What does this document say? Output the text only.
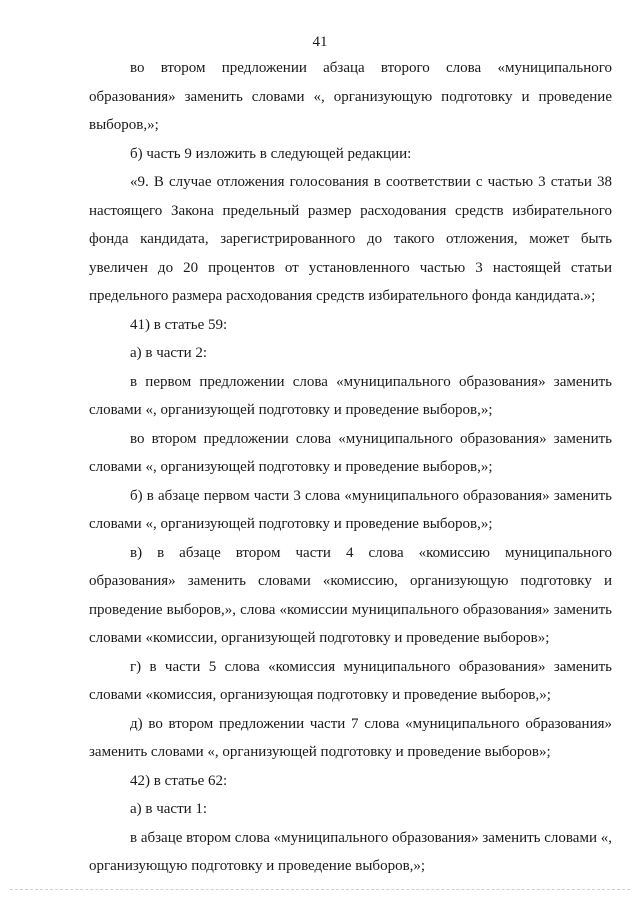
41

во втором предложении абзаца второго слова «муниципального образования» заменить словами «, организующую подготовку и проведение выборов,»;

б) часть 9 изложить в следующей редакции:

«9. В случае отложения голосования в соответствии с частью 3 статьи 38 настоящего Закона предельный размер расходования средств избирательного фонда кандидата, зарегистрированного до такого отложения, может быть увеличен до 20 процентов от установленного частью 3 настоящей статьи предельного размера расходования средств избирательного фонда кандидата.»;

41) в статье 59:

а) в части 2:

в первом предложении слова «муниципального образования» заменить словами «, организующей подготовку и проведение выборов,»;

во втором предложении слова «муниципального образования» заменить словами «, организующей подготовку и проведение выборов,»;

б) в абзаце первом части 3 слова «муниципального образования» заменить словами «, организующей подготовку и проведение выборов,»;

в) в абзаце втором части 4 слова «комиссию муниципального образования» заменить словами «комиссию, организующую подготовку и проведение выборов,», слова «комиссии муниципального образования» заменить словами «комиссии, организующей подготовку и проведение выборов»;

г) в части 5 слова «комиссия муниципального образования» заменить словами «комиссия, организующая подготовку и проведение выборов,»;

д) во втором предложении части 7 слова «муниципального образования» заменить словами «, организующей подготовку и проведение выборов»;

42) в статье 62:

а) в части 1:

в абзаце втором слова «муниципального образования» заменить словами «, организующую подготовку и проведение выборов,»;
